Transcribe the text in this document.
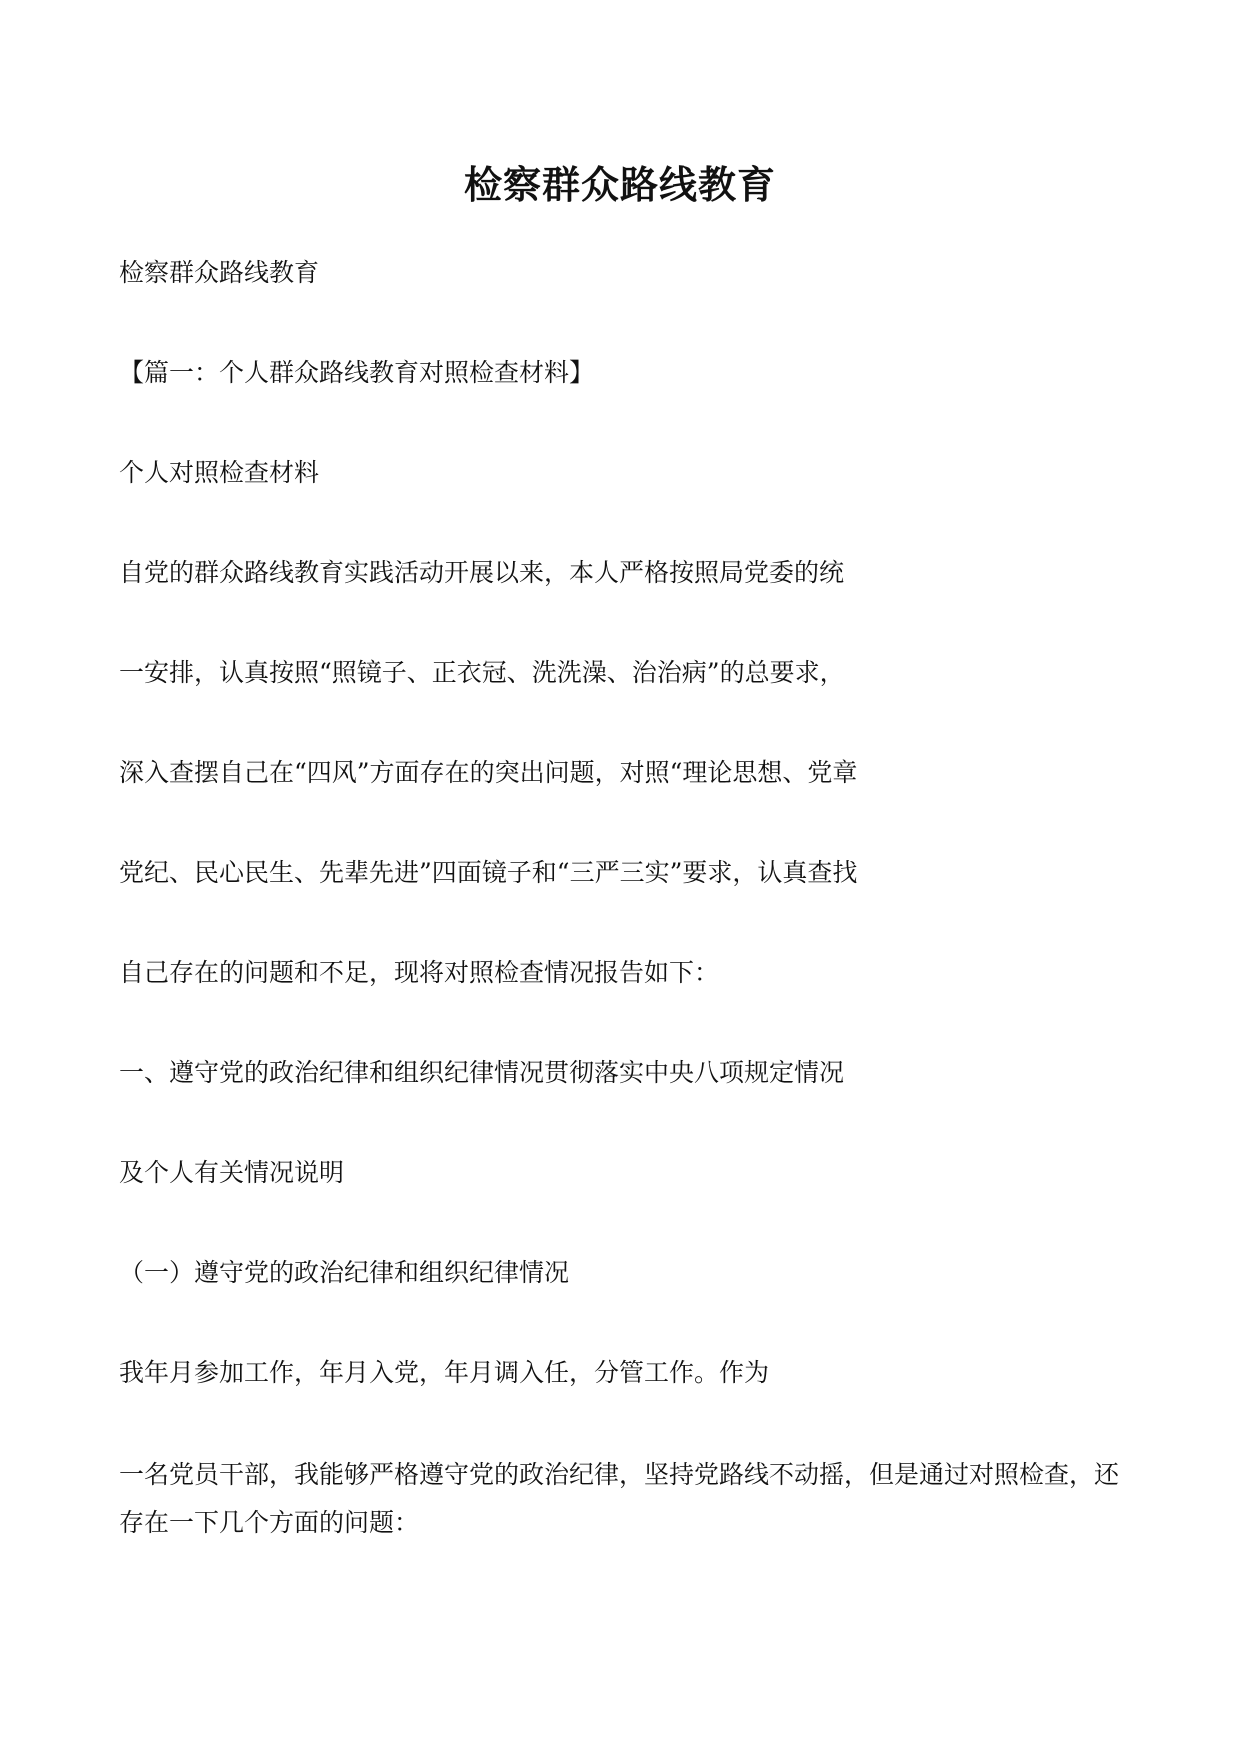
检察群众路线教育
检察群众路线教育
【篇一：个人群众路线教育对照检查材料】
个人对照检查材料
自党的群众路线教育实践活动开展以来，本人严格按照局党委的统
一安排，认真按照“照镜子、正衣冠、洗洗澡、治治病”的总要求，
深入查摆自己在“四风”方面存在的突出问题，对照“理论思想、党章
党纪、民心民生、先辈先进”四面镜子和“三严三实”要求，认真查找
自己存在的问题和不足，现将对照检查情况报告如下：
一、遵守党的政治纪律和组织纪律情况贯彻落实中央八项规定情况
及个人有关情况说明
（一）遵守党的政治纪律和组织纪律情况
我年月参加工作，年月入党，年月调入任，分管工作。作为
一名党员干部，我能够严格遵守党的政治纪律，坚持党路线不动摇，但是通过对照检查，还存在一下几个方面的问题：
